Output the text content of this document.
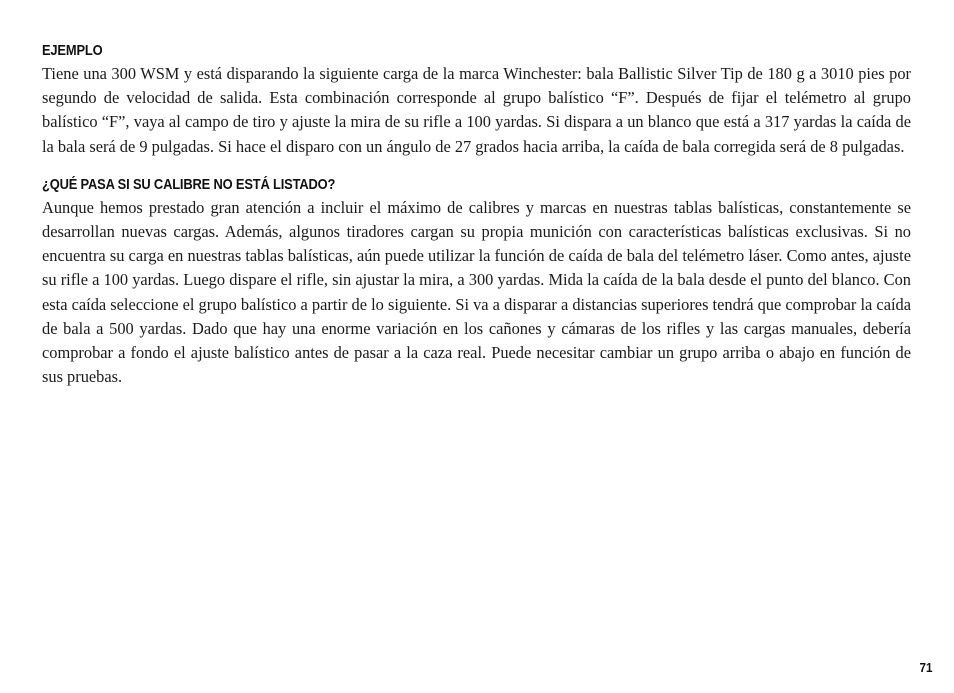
EJEMPLO

Tiene una 300 WSM y está disparando la siguiente carga de la marca Winchester: bala Ballistic Silver Tip de 180 g a 3010 pies por segundo de velocidad de salida. Esta combinación corresponde al grupo balístico “F”. Después de fijar el telémetro al grupo balístico “F”, vaya al campo de tiro y ajuste la mira de su rifle a 100 yardas. Si dispara a un blanco que está a 317 yardas la caída de la bala será de 9 pulgadas. Si hace el disparo con un ángulo de 27 grados hacia arriba, la caída de bala corregida será de 8 pulgadas.

¿QUÉ PASA SI SU CALIBRE NO ESTÁ LISTADO?

Aunque hemos prestado gran atención a incluir el máximo de calibres y marcas en nuestras tablas balísticas, constantemente se desarrollan nuevas cargas. Además, algunos tiradores cargan su propia munición con características balísticas exclusivas. Si no encuentra su carga en nuestras tablas balísticas, aún puede utilizar la función de caída de bala del telémetro láser. Como antes, ajuste su rifle a 100 yardas. Luego dispare el rifle, sin ajustar la mira, a 300 yardas. Mida la caída de la bala desde el punto del blanco. Con esta caída seleccione el grupo balístico a partir de lo siguiente. Si va a disparar a distancias superiores tendrá que comprobar la caída de bala a 500 yardas. Dado que hay una enorme variación en los cañones y cámaras de los rifles y las cargas manuales, debería comprobar a fondo el ajuste balístico antes de pasar a la caza real. Puede necesitar cambiar un grupo arriba o abajo en función de sus pruebas.

71
